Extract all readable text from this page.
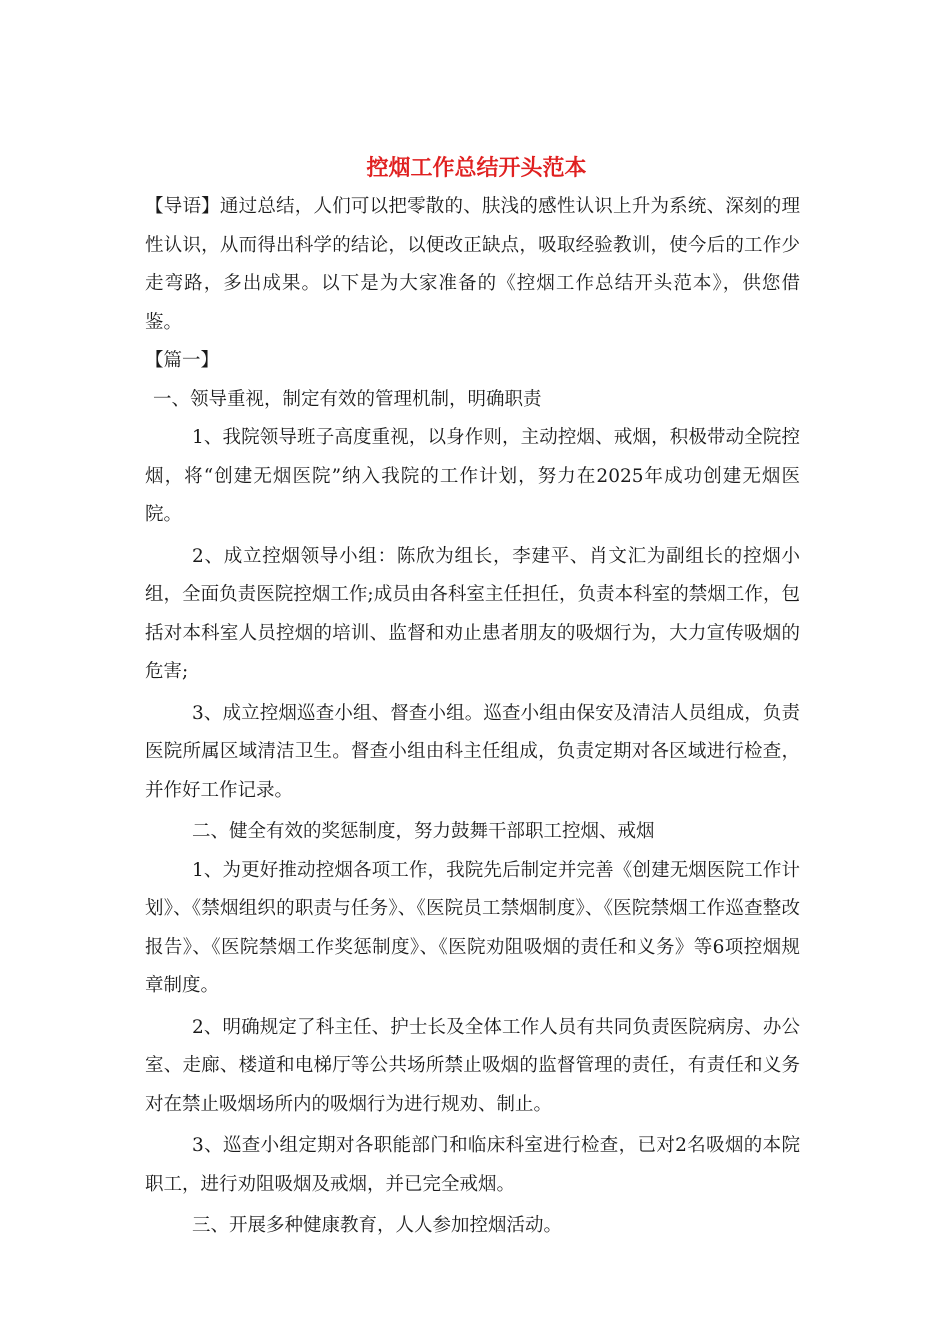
控烟工作总结开头范本

【导语】通过总结，人们可以把零散的、肤浅的感性认识上升为系统、深刻的理性认识，从而得出科学的结论，以便改正缺点，吸取经验教训，使今后的工作少走弯路，多出成果。以下是为大家准备的《控烟工作总结开头范本》，供您借鉴。

【篇一】

一、领导重视，制定有效的管理机制，明确职责

1、我院领导班子高度重视，以身作则，主动控烟、戒烟，积极带动全院控烟，将“创建无烟医院”纳入我院的工作计划，努力在2025年成功创建无烟医院。

2、成立控烟领导小组：陈欣为组长，李建平、肖文汇为副组长的控烟小组，全面负责医院控烟工作;成员由各科室主任担任，负责本科室的禁烟工作，包括对本科室人员控烟的培训、监督和劝止患者朋友的吸烟行为，大力宣传吸烟的危害;

3、成立控烟巡查小组、督查小组。巡查小组由保安及清洁人员组成，负责医院所属区域清洁卫生。督查小组由科主任组成，负责定期对各区域进行检查，并作好工作记录。

二、健全有效的奖惩制度，努力鼓舞干部职工控烟、戒烟

1、为更好推动控烟各项工作，我院先后制定并完善《创建无烟医院工作计划》、《禁烟组织的职责与任务》、《医院员工禁烟制度》、《医院禁烟工作巡查整改报告》、《医院禁烟工作奖惩制度》、《医院劝阻吸烟的责任和义务》等6项控烟规章制度。

2、明确规定了科主任、护士长及全体工作人员有共同负责医院病房、办公室、走廊、楼道和电梯厅等公共场所禁止吸烟的监督管理的责任，有责任和义务对在禁止吸烟场所内的吸烟行为进行规劝、制止。

3、巡查小组定期对各职能部门和临床科室进行检查，已对2名吸烟的本院职工，进行劝阻吸烟及戒烟，并已完全戒烟。

三、开展多种健康教育，人人参加控烟活动。
